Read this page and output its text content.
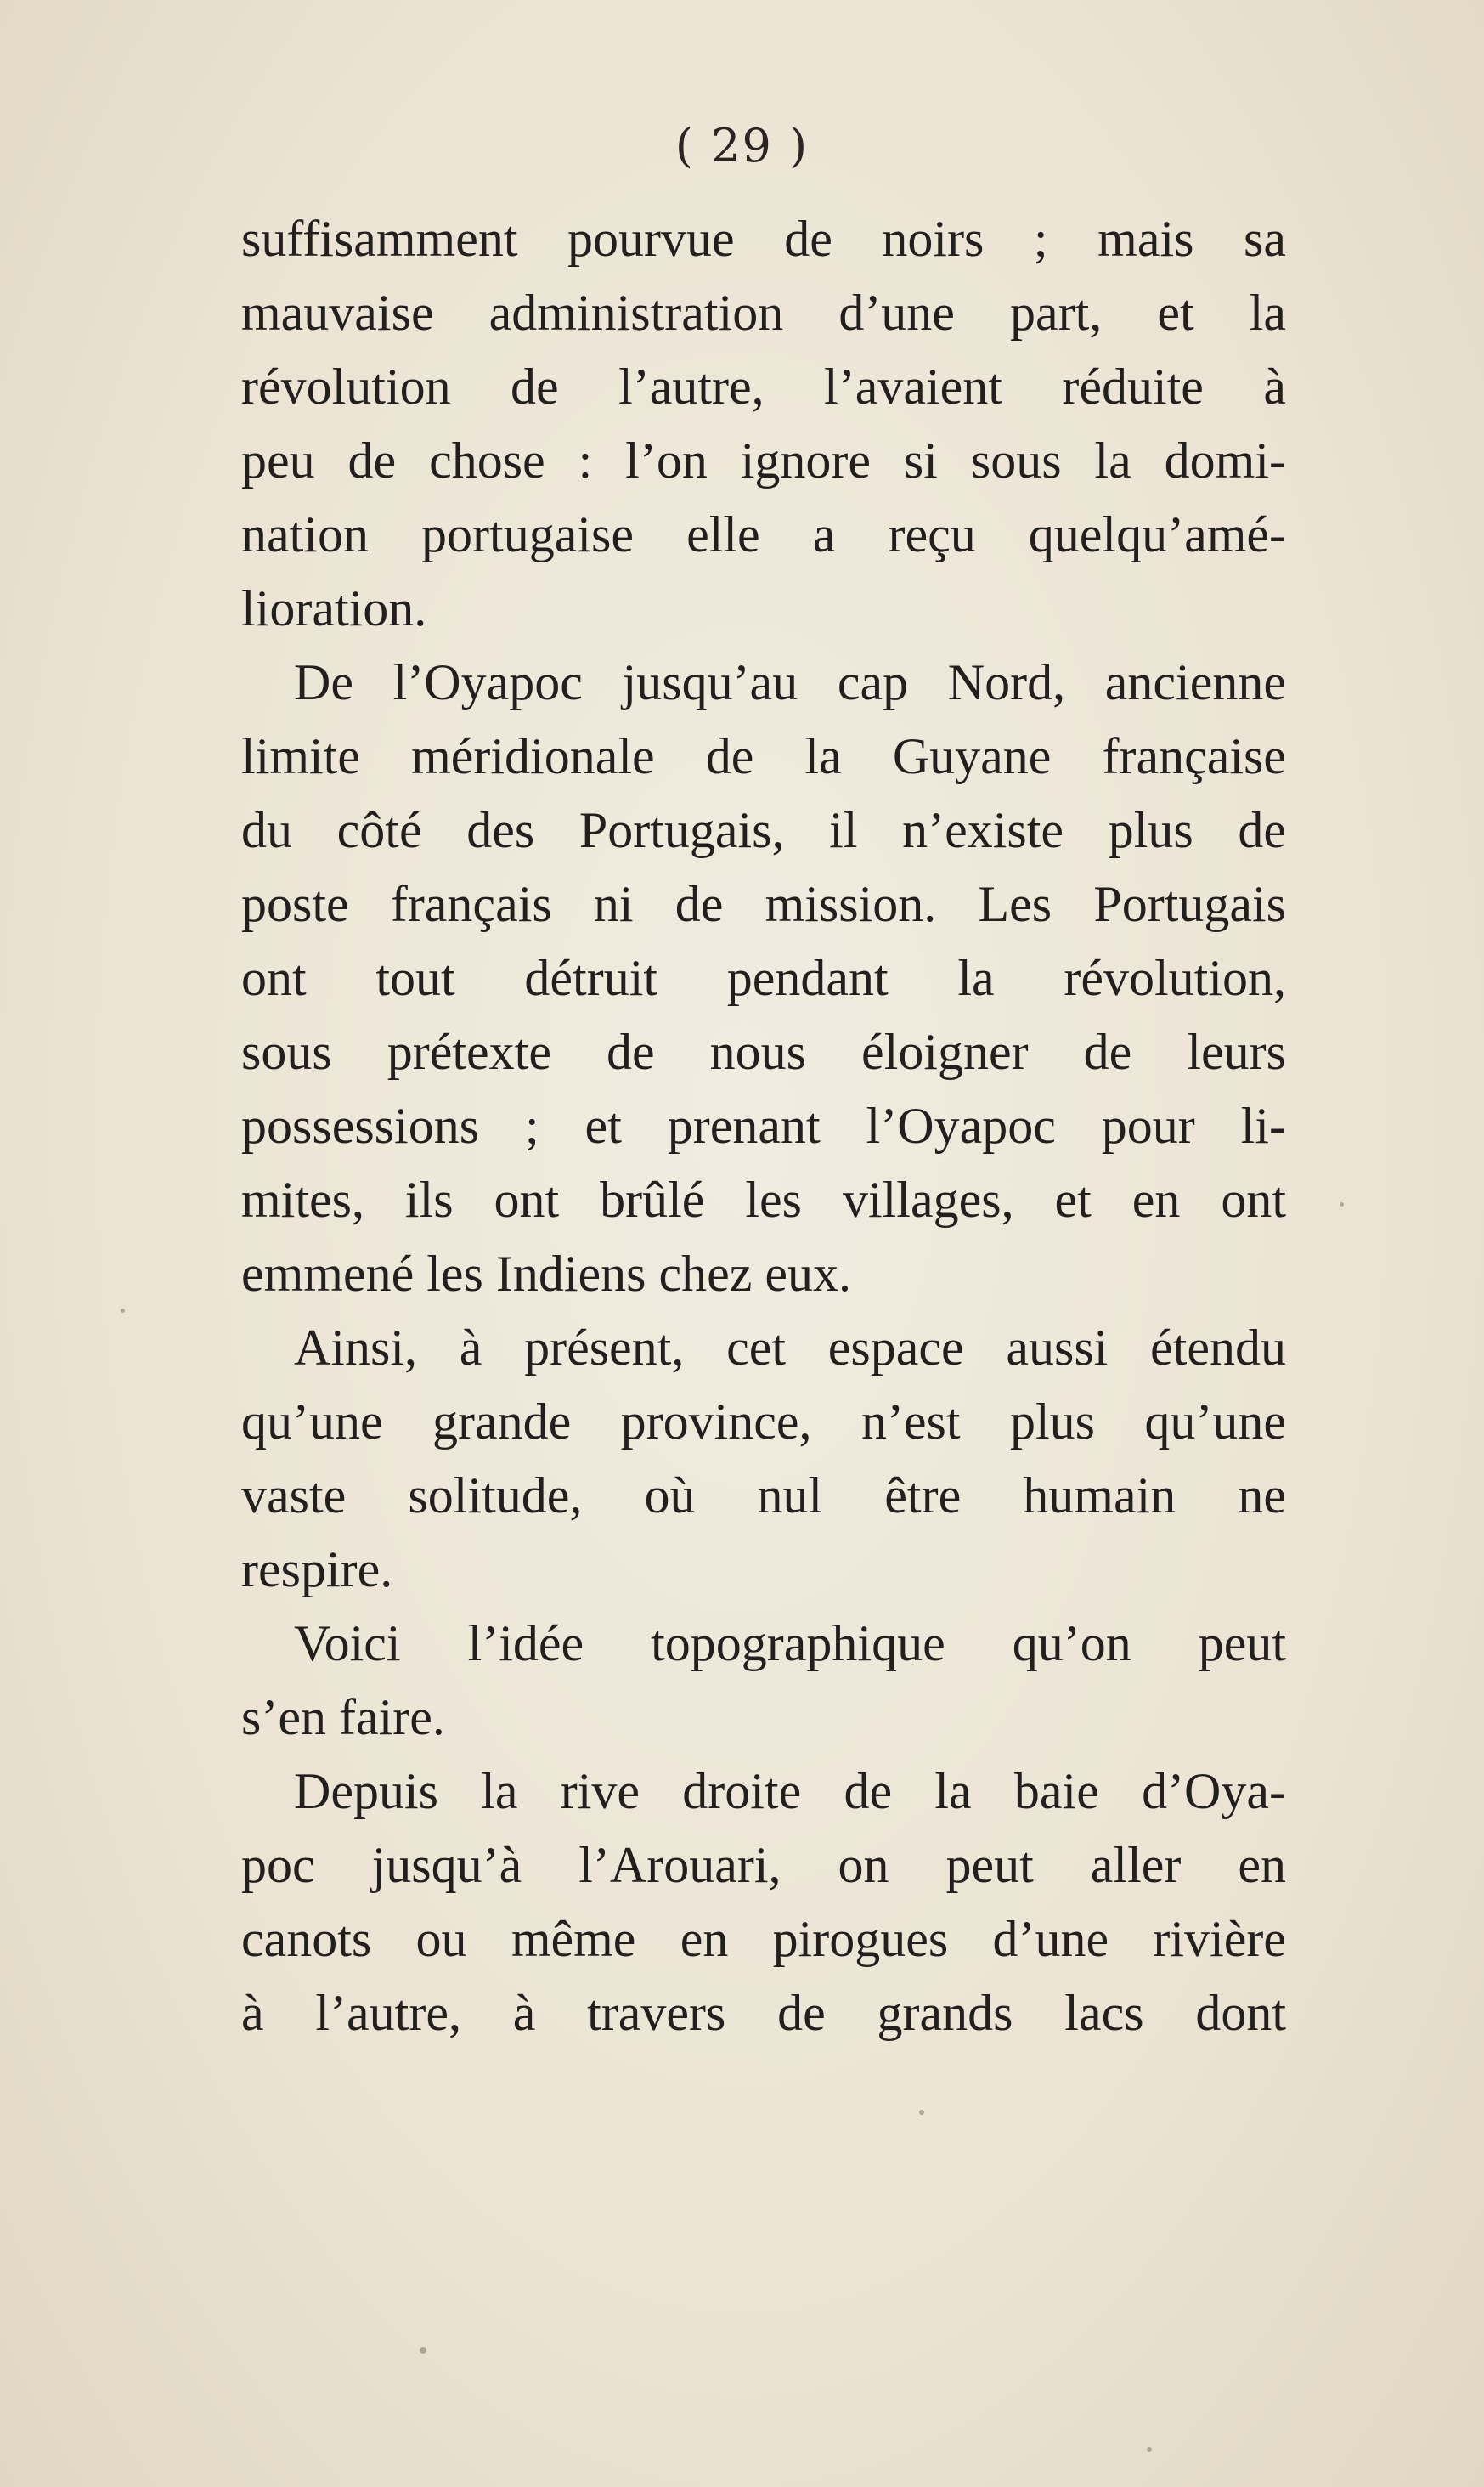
( 29 )
suffisamment pourvue de noirs ; mais sa
mauvaise administration d’une part, et la
révolution de l’autre, l’avaient réduite à
peu de chose : l’on ignore si sous la domi-
nation portugaise elle a reçu quelqu’amé-
lioration.
De l’Oyapoc jusqu’au cap Nord, ancienne
limite méridionale de la Guyane française
du côté des Portugais, il n’existe plus de
poste français ni de mission. Les Portugais
ont tout détruit pendant la révolution,
sous prétexte de nous éloigner de leurs
possessions ; et prenant l’Oyapoc pour li-
mites, ils ont brûlé les villages, et en ont
emmené les Indiens chez eux.
Ainsi, à présent, cet espace aussi étendu
qu’une grande province, n’est plus qu’une
vaste solitude, où nul être humain ne
respire.
Voici l’idée topographique qu’on peut
s’en faire.
Depuis la rive droite de la baie d’Oya-
poc jusqu’à l’Arouari, on peut aller en
canots ou même en pirogues d’une rivière
à l’autre, à travers de grands lacs dont
